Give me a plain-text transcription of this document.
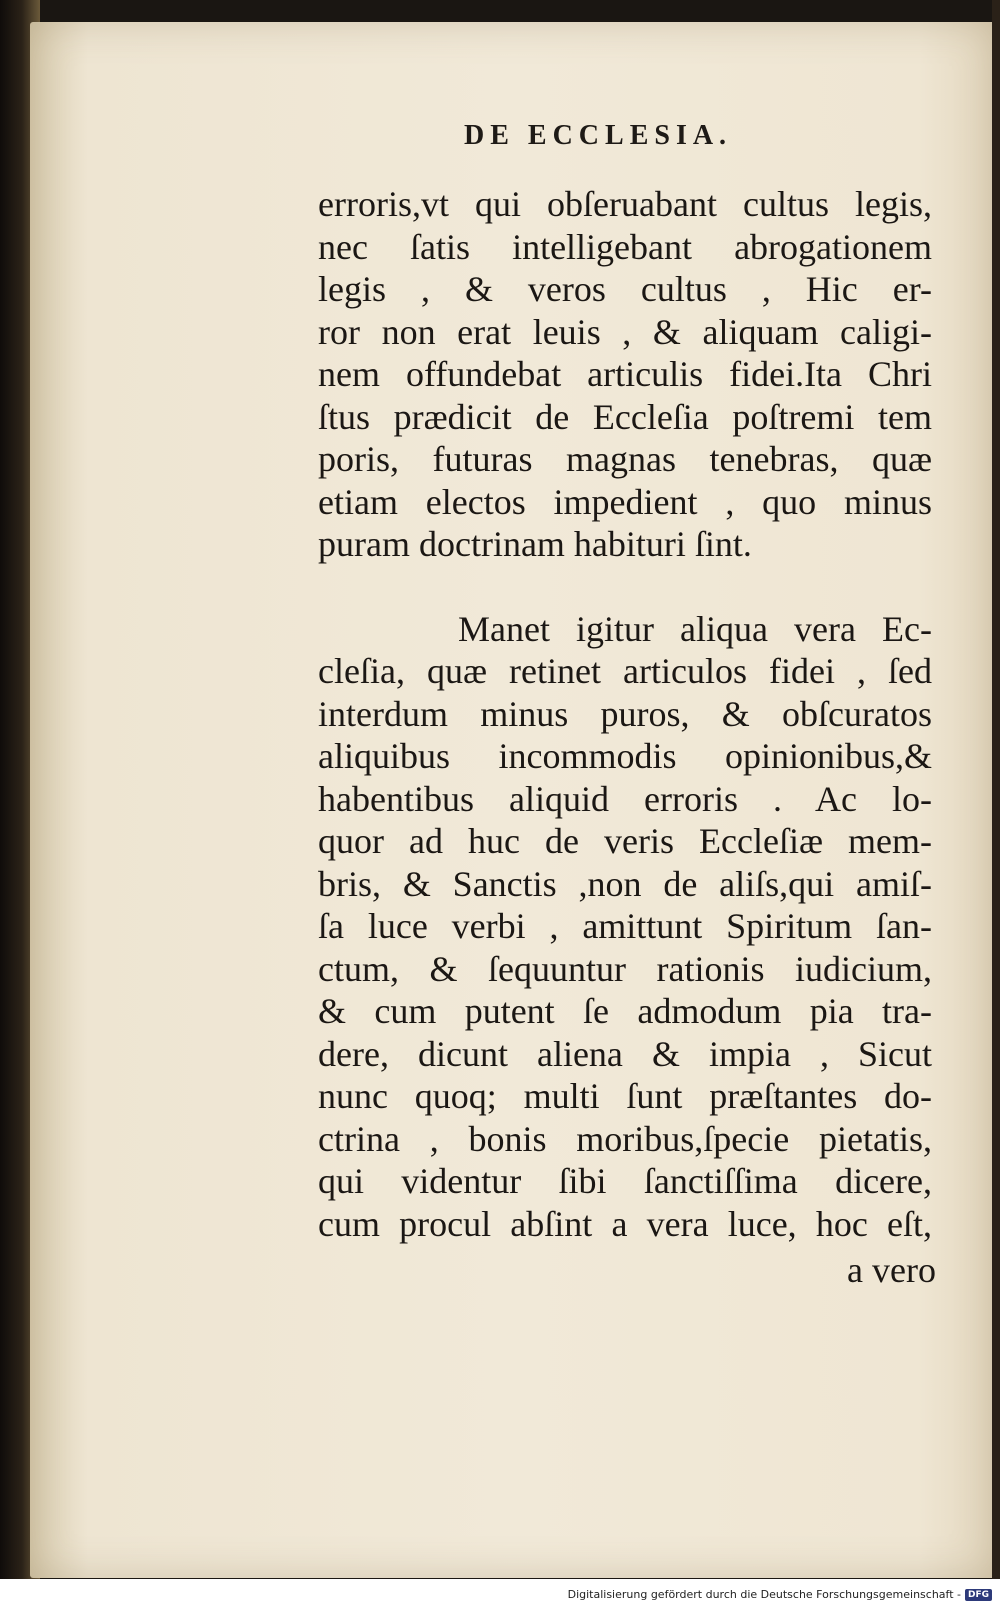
DE ECCLESIA.
erroris,vt qui obſeruabant cultus legis,
nec ſatis intelligebant abrogationem
legis , & veros cultus , Hic er-
ror non erat leuis , & aliquam caligi-
nem offundebat articulis fidei.Ita Chri
ſtus prædicit de Eccleſia poſtremi tem
poris, futuras magnas tenebras, quæ
etiam electos impedient , quo minus
puram doctrinam habituri ſint.
Manet igitur aliqua vera Ec-
cleſia, quæ retinet articulos fidei , ſed
interdum minus puros, & obſcuratos
aliquibus incommodis opinionibus,&
habentibus aliquid erroris . Ac lo-
quor ad huc de veris Eccleſiæ mem-
bris, & Sanctis ,non de aliſs,qui amiſ-
ſa luce verbi , amittunt Spiritum ſan-
ctum, & ſequuntur rationis iudicium,
& cum putent ſe admodum pia tra-
dere, dicunt aliena & impia , Sicut
nunc quoq; multi ſunt præſtantes do-
ctrina , bonis moribus,ſpecie pietatis,
qui videntur ſibi ſanctiſſima dicere,
cum procul abſint a vera luce, hoc eſt,
a vero
Digitalisierung gefördert durch die Deutsche Forschungsgemeinschaft - DFG
